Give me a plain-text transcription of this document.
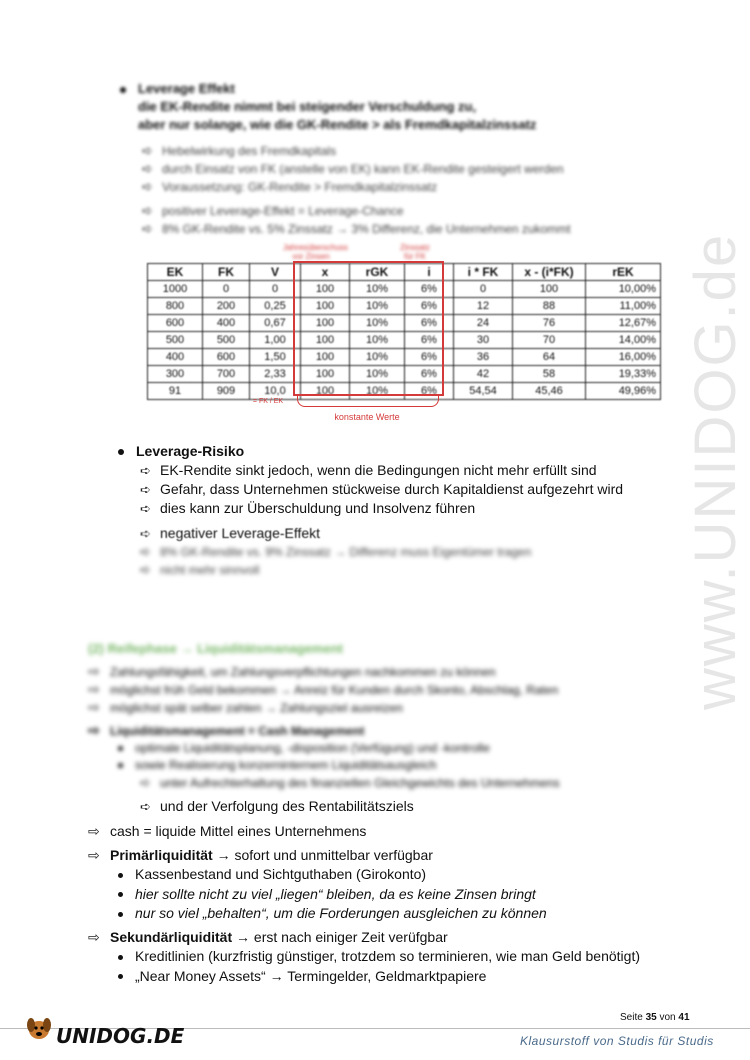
www.UNIDOG.de
Leverage Effekt
die EK-Rendite nimmt bei steigender Verschuldung zu,
aber nur solange, wie die GK-Rendite > als Fremdkapitalzinssatz
➪ Hebelwirkung des Fremdkapitals
➪ durch Einsatz von FK (anstelle von EK) kann EK-Rendite gesteigert werden
➪ Voraussetzung: GK-Rendite > Fremdkapitalzinssatz
➪ positiver Leverage-Effekt = Leverage-Chance
➪ 8% GK-Rendite vs. 5% Zinssatz → 3% Differenz, die Unternehmen zukommt
Jahresüberschuss vor Zinsen
Zinssatz für FK
EK	FK	V	x	rGK	i	i * FK	x - (i*FK)	rEK
1000	0	0	100	10%	6%	0	100	10,00%
800	200	0,25	100	10%	6%	12	88	11,00%
600	400	0,67	100	10%	6%	24	76	12,67%
500	500	1,00	100	10%	6%	30	70	14,00%
400	600	1,50	100	10%	6%	36	64	16,00%
300	700	2,33	100	10%	6%	42	58	19,33%
91	909	10,0	100	10%	6%	54,54	45,46	49,96%
= FK / EK
konstante Werte
Leverage-Risiko
➪ EK-Rendite sinkt jedoch, wenn die Bedingungen nicht mehr erfüllt sind
➪ Gefahr, dass Unternehmen stückweise durch Kapitaldienst aufgezehrt wird
➪ dies kann zur Überschuldung und Insolvenz führen
➪ negativer Leverage-Effekt
➪ 8% GK-Rendite vs. 9% Zinssatz → Differenz muss Eigentümer tragen
➪ nicht mehr sinnvoll
(2) Reifephase → Liquiditätsmanagement
⇨ Zahlungsfähigkeit, um Zahlungsverpflichtungen nachkommen zu können
⇨ möglichst früh Geld bekommen → Anreiz für Kunden durch Skonto, Abschlag, Raten
⇨ möglichst spät selber zahlen → Zahlungsziel ausreizen
⇨ Liquiditätsmanagement = Cash Management
optimale Liquiditätsplanung, -disposition (Verfügung) und -kontrolle
sowie Realisierung konzerninternem Liquiditätsausgleich
➪ unter Aufrechterhaltung des finanziellen Gleichgewichts des Unternehmens
➪ und der Verfolgung des Rentabilitätsziels
⇨ cash = liquide Mittel eines Unternehmens
⇨ Primärliquidität → sofort und unmittelbar verfügbar
Kassenbestand und Sichtguthaben (Girokonto)
hier sollte nicht zu viel „liegen“ bleiben, da es keine Zinsen bringt
nur so viel „behalten“, um die Forderungen ausgleichen zu können
⇨ Sekundärliquidität → erst nach einiger Zeit verüfgbar
Kreditlinien (kurzfristig günstiger, trotzdem so terminieren, wie man Geld benötigt)
„Near Money Assets“ → Termingelder, Geldmarktpapiere
Seite 35 von 41
UNIDOG.DE	Klausurstoff von Studis für Studis
